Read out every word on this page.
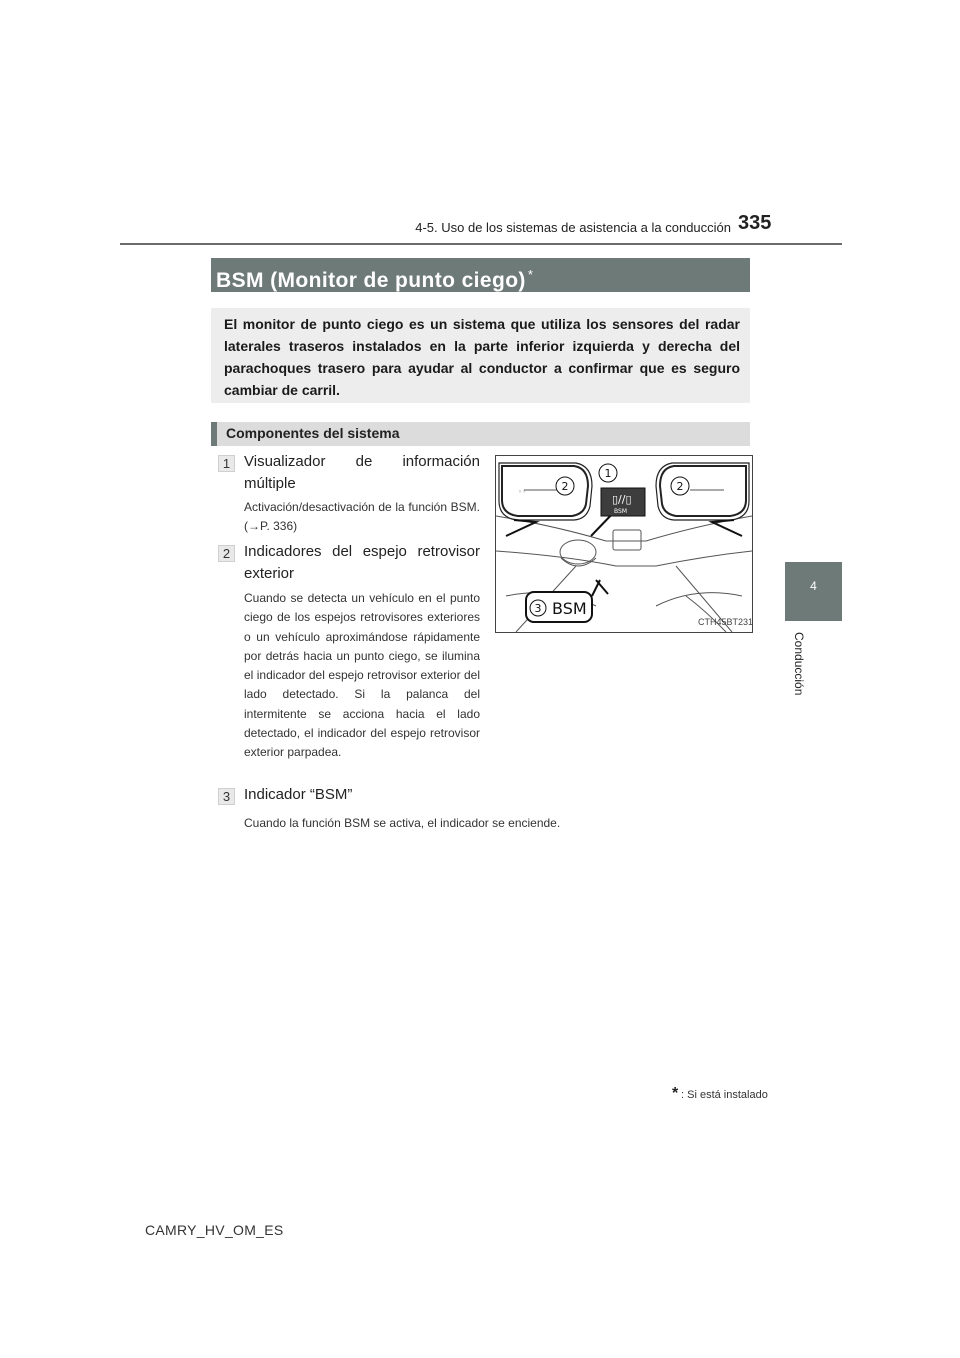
4-5. Uso de los sistemas de asistencia a la conducción 335
4
Conducción
BSM (Monitor de punto ciego) *
El monitor de punto ciego es un sistema que utiliza los sensores del radar laterales traseros instalados en la parte inferior izquierda y derecha del parachoques trasero para ayudar al conductor a confirmar que es seguro cambiar de carril.
Componentes del sistema
1 Visualizador de información múltiple
Activación/desactivación de la función BSM. (→P. 336)
2 Indicadores del espejo retrovisor exterior
Cuando se detecta un vehículo en el punto ciego de los espejos retrovisores exteriores o un vehículo aproximándose rápidamente por detrás hacia un punto ciego, se ilumina el indicador del espejo retrovisor exterior del lado detectado. Si la palanca del intermitente se acciona hacia el lado detectado, el indicador del espejo retrovisor exterior parpadea.
3 Indicador “BSM”
Cuando la función BSM se activa, el indicador se enciende.
◦◦
▯//▯
BSM
BSM
1
2	2
3
CTH45BT231
* : Si está instalado
CAMRY_HV_OM_ES
